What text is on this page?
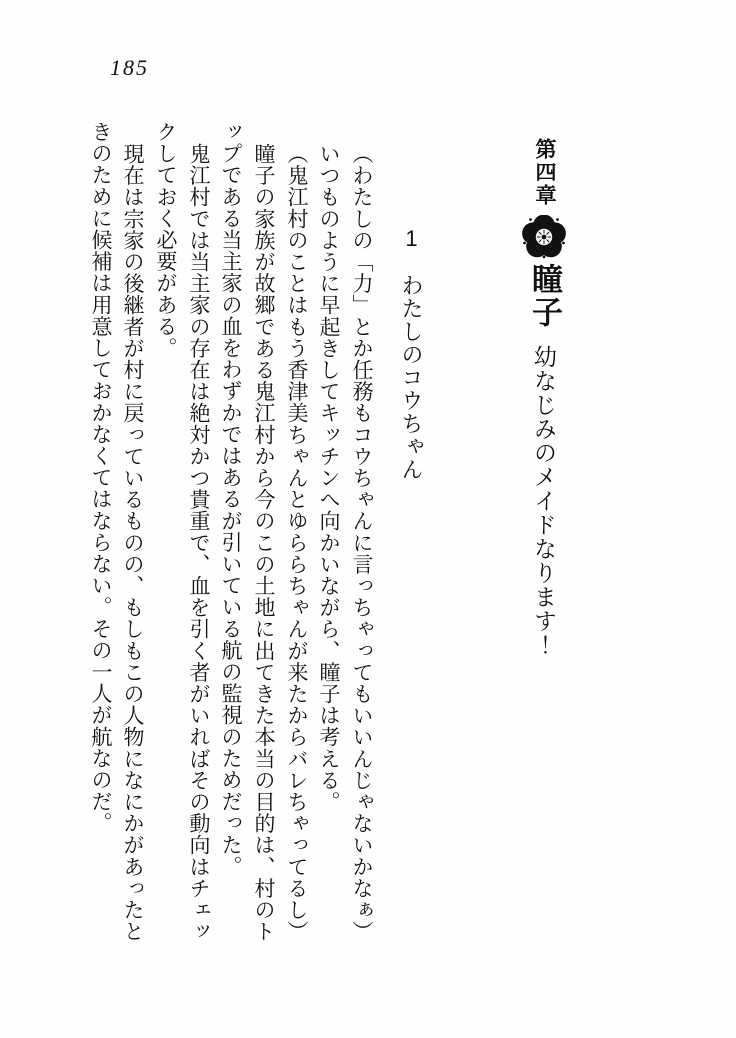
185
第四章瞳子幼なじみのメイドなります！
1わたしのコウちゃん
（わたしの「力」とか任務もコウちゃんに言っちゃってもいいんじゃないかなぁ）
いつものように早起きしてキッチンへ向かいながら、瞳子は考える。
（鬼江村のことはもう香津美ちゃんとゆららちゃんが来たからバレちゃってるし）
瞳子の家族が故郷である鬼江村から今のこの土地に出てきた本当の目的は、村のト
ップである当主家の血をわずかではあるが引いている航の監視のためだった。
鬼江村では当主家の存在は絶対かつ貴重で、血を引く者がいればその動向はチェッ
クしておく必要がある。
現在は宗家の後継者が村に戻っているものの、もしもこの人物になにかがあったと
きのために候補は用意しておかなくてはならない。その一人が航なのだ。
